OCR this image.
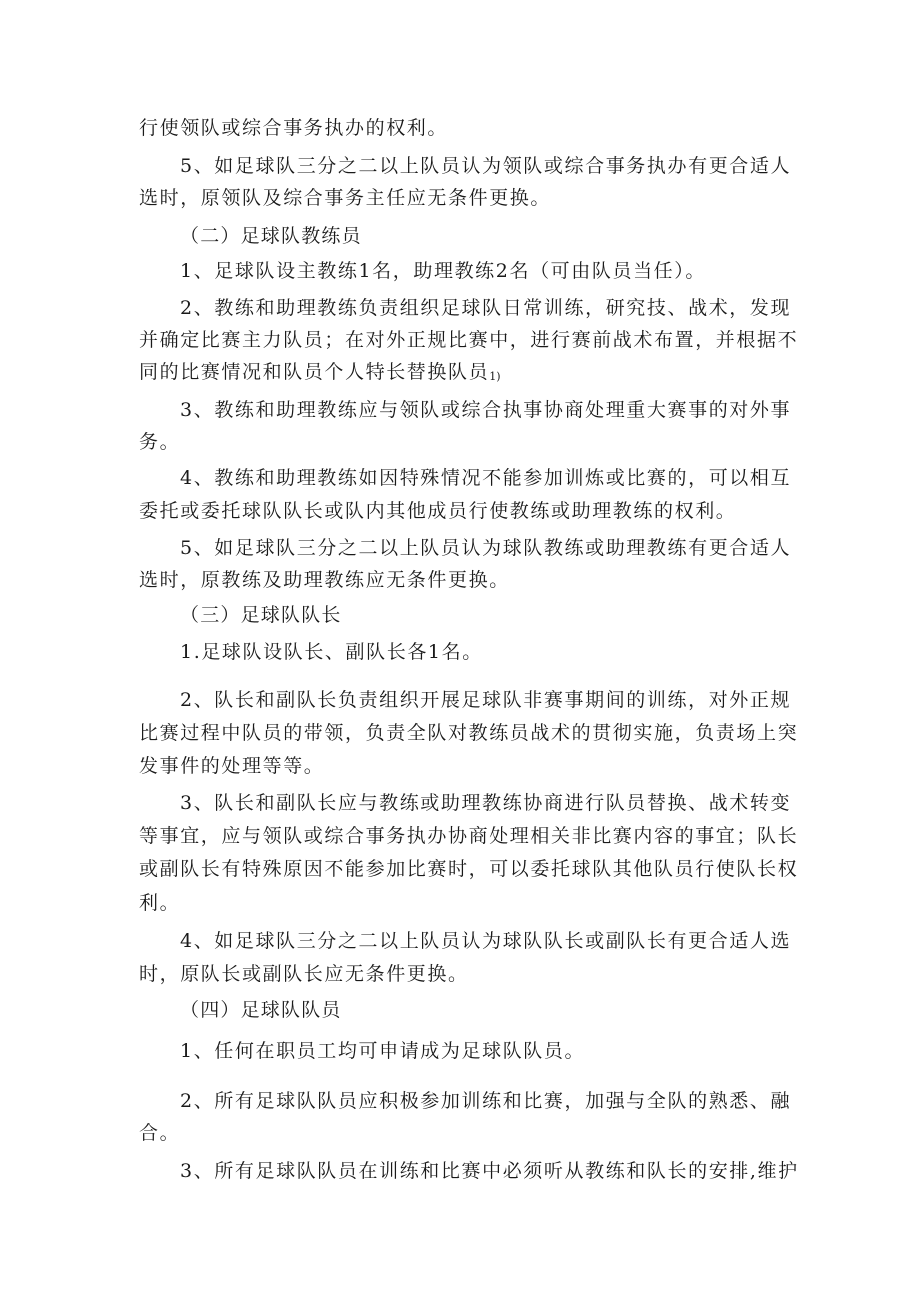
行使领队或综合事务执办的权利。
5、如足球队三分之二以上队员认为领队或综合事务执办有更合适人
选时，原领队及综合事务主任应无条件更换。
（二）足球队教练员
1、足球队设主教练1名，助理教练2名（可由队员当任）。
2、教练和助理教练负责组织足球队日常训练，研究技、战术，发现
并确定比赛主力队员；在对外正规比赛中，进行赛前战术布置，并根据不
同的比赛情况和队员个人特长替换队员1)
3、教练和助理教练应与领队或综合执事协商处理重大赛事的对外事
务。
4、教练和助理教练如因特殊情况不能参加训炼或比赛的，可以相互
委托或委托球队队长或队内其他成员行使教练或助理教练的权利。
5、如足球队三分之二以上队员认为球队教练或助理教练有更合适人
选时，原教练及助理教练应无条件更换。
（三）足球队队长
1.足球队设队长、副队长各1名。
2、队长和副队长负责组织开展足球队非赛事期间的训练，对外正规
比赛过程中队员的带领，负责全队对教练员战术的贯彻实施，负责场上突
发事件的处理等等。
3、队长和副队长应与教练或助理教练协商进行队员替换、战术转变
等事宜，应与领队或综合事务执办协商处理相关非比赛内容的事宜；队长
或副队长有特殊原因不能参加比赛时，可以委托球队其他队员行使队长权
利。
4、如足球队三分之二以上队员认为球队队长或副队长有更合适人选
时，原队长或副队长应无条件更换。
（四）足球队队员
1、任何在职员工均可申请成为足球队队员。
2、所有足球队队员应积极参加训练和比赛，加强与全队的熟悉、融
合。
3、所有足球队队员在训练和比赛中必须听从教练和队长的安排,维护
